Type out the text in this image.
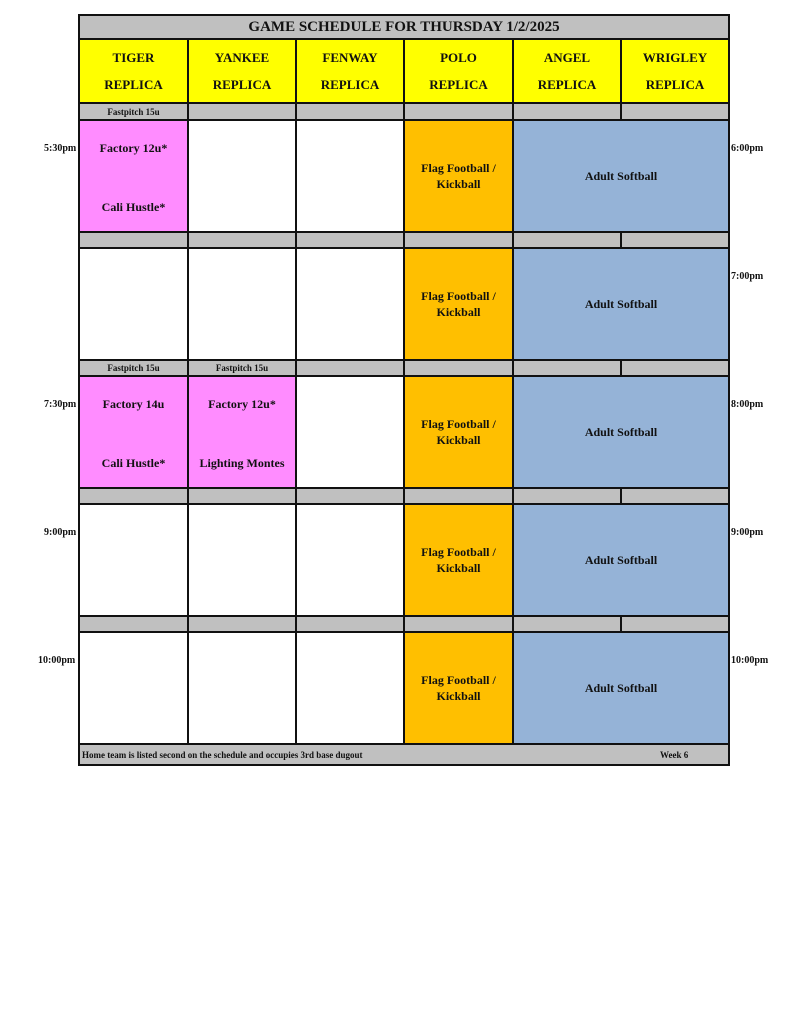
GAME SCHEDULE FOR THURSDAY 1/2/2025
TIGER
REPLICA
YANKEE
REPLICA
FENWAY
REPLICA
POLO
REPLICA
ANGEL
REPLICA
WRIGLEY
REPLICA
Fastpitch 15u
Factory 12u*
Cali Hustle*
Flag Football / Kickball
Adult Softball
Flag Football / Kickball
Adult Softball
Fastpitch 15u	Fastpitch 15u
Factory 14u
Cali Hustle*
Factory 12u*
Lighting Montes
Flag Football / Kickball
Adult Softball
Flag Football / Kickball
Adult Softball
Flag Football / Kickball
Adult Softball
Home team is listed second on the schedule and occupies 3rd base dugout	Week 6
5:30pm
7:30pm
9:00pm
10:00pm
6:00pm
7:00pm
8:00pm
9:00pm
10:00pm
